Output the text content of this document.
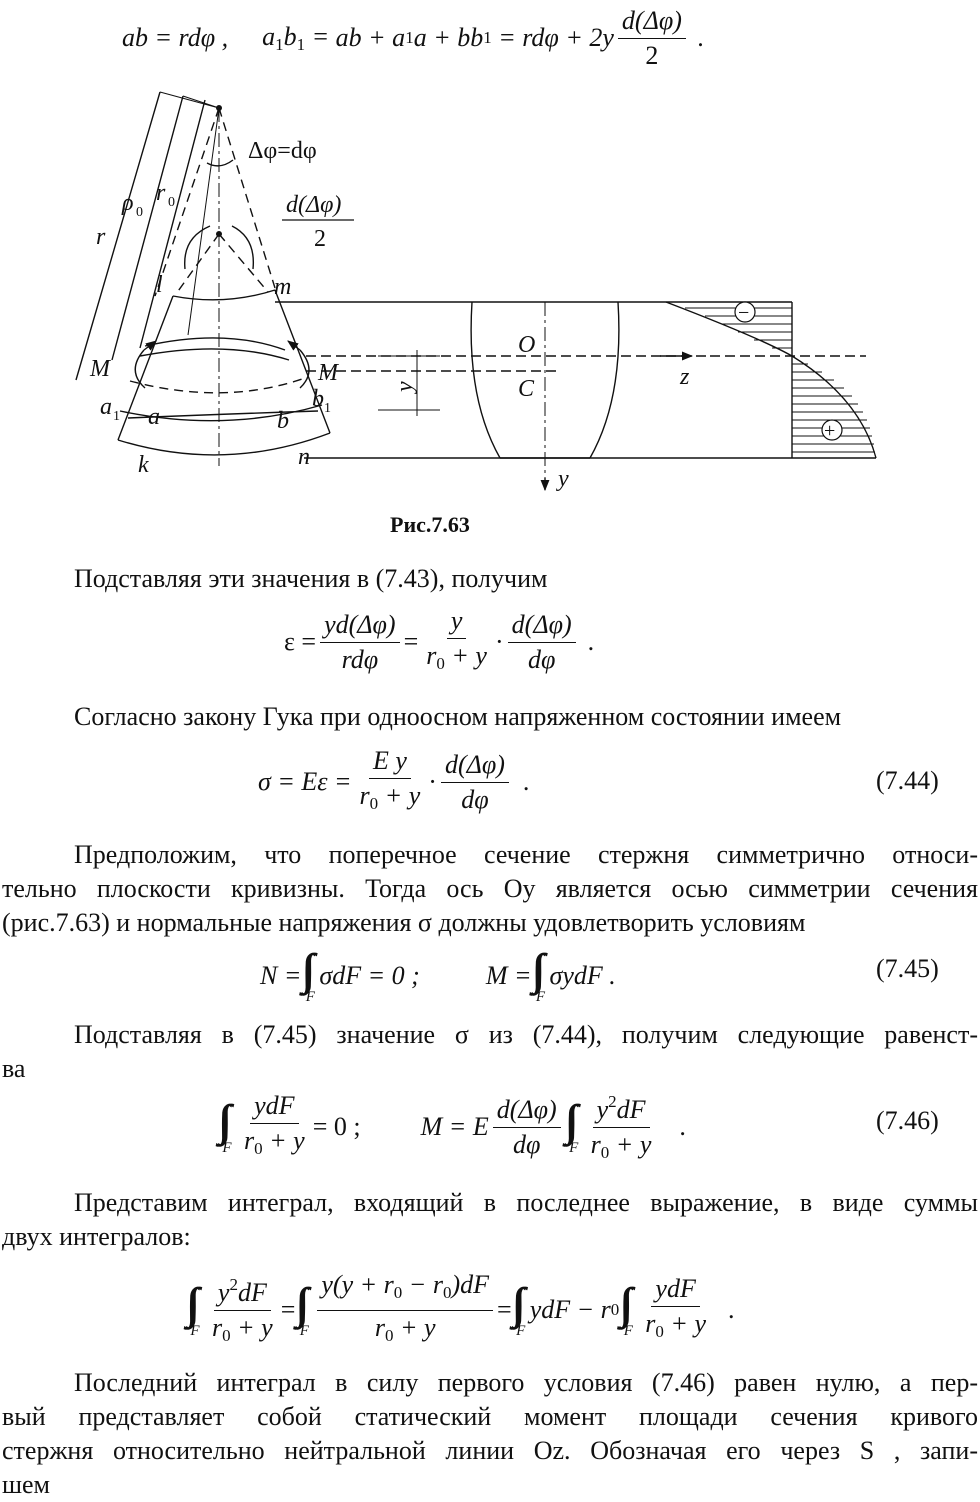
ab = rdφ , $a_1b_1$ = ab + a 1 a + bb 1
= $rd\varphi + 2y \frac{d(\Delta\varphi)}{2}$ .
Δφ=dφ
d(Δφ)
2
r
ρ 0
r 0
l	m
M	M
a 1 a	b
b 1
k	n
y
O
C	z
y
−
+
Рис.7.63
Подставляя эти значения в (7.43), получим
$\varepsilon = \frac{yd(\Delta\varphi)}{\text{rdφ}} = \frac{y}{r_0 + y} \cdot \frac{d(\Delta\varphi)}{d\varphi}$ .
Согласно закону Гука при одноосном напряженном состоянии имеем
$\sigma = E\varepsilon = \frac{\text{E y}}{r_0 + y} \cdot \frac{d(\Delta\varphi)}{d\varphi}$ .	(7.44)
Предположим, что поперечное сечение стержня симметрично относи-
тельно плоскости кривизны. Тогда ось Oy является осью симметрии сечения
(рис.7.63) и нормальные напряжения σ должны удовлетворить условиям
N =
F
σdF = 0 ;	M =
F
σydF .	(7.45)
Подставляя в (7.45) значение σ из (7.44), получим следующие равенст-
ва
F $\frac{\text{ydF}}{r_0 + y} = 0$ ; M = E $\frac{d(\Delta\varphi)}{d\varphi}$ F $\frac{y^2dF}{r_0 + y}$ .	(7.46)
Представим интеграл, входящий в последнее выражение, в виде суммы
двух интегралов:
F $\frac{y^2dF}{r_0 + y}$ =
F $\frac{y(y + r_0 - r_0)dF}{r_0 + y}$ =
F
ydF − r 0
F $\frac{\text{ydF}}{r_0 + y}$ .
Последний интеграл в силу первого условия (7.46) равен нулю, а пер-
вый представляет собой статический момент площади сечения кривого
стержня относительно нейтральной линии Oz. Обозначая его через S , запи-
шем
